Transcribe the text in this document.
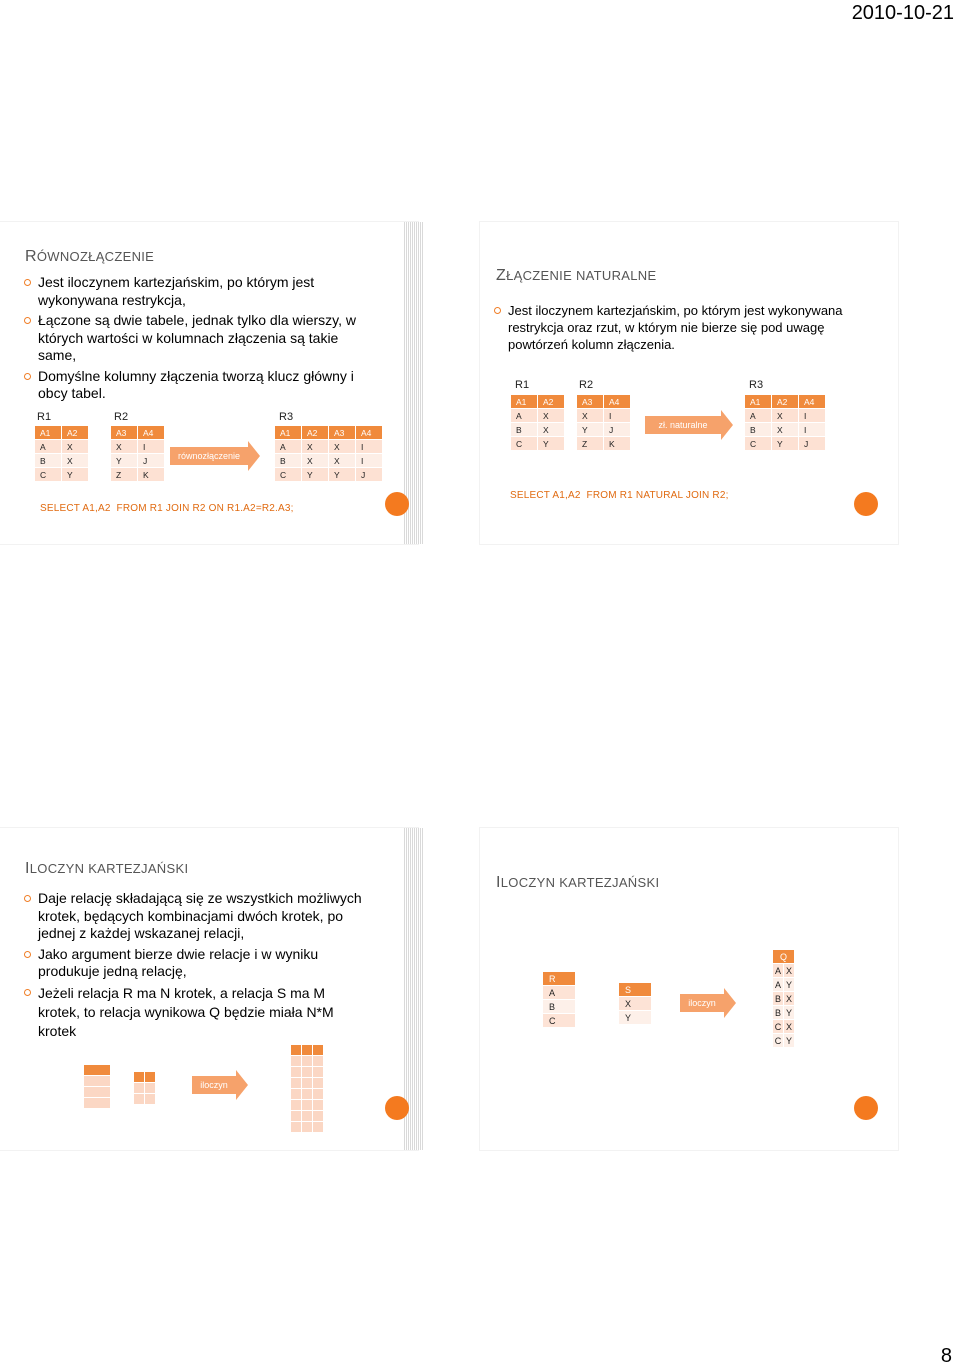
2010-10-21
RÓWNOZŁĄCZENIE
Jest iloczynem kartezjańskim, po którym jest wykonywana restrykcja,
Łączone są dwie tabele, jednak tylko dla wierszy, w których wartości w kolumnach złączenia są takie same,
Domyślne kolumny złączenia tworzą klucz główny i obcy tabel.
R1
A1	A2
A	X
B	X
C	Y
R2
A3	A4
X	I
Y	J
Z	K
równozłączenie
R3
A1	A2	A3	A4
A	X	X	I
B	X	X	I
C	Y	Y	J
SELECT A1,A2  FROM R1 JOIN R2 ON R1.A2=R2.A3;
ZŁĄCZENIE NATURALNE
Jest iloczynem kartezjańskim, po którym jest wykonywana restrykcja oraz rzut, w którym nie bierze się pod uwagę powtórzeń kolumn złączenia.
R1
A1	A2
A	X
B	X
C	Y
R2
A3	A4
X	I
Y	J
Z	K
zł. naturalne
R3
A1	A2	A4
A	X	I
B	X	I
C	Y	J
SELECT A1,A2  FROM R1 NATURAL JOIN R2;
ILOCZYN KARTEZJAŃSKI
Daje relację składającą się ze wszystkich możliwych krotek, będących kombinacjami dwóch krotek, po jednej z każdej wskazanej relacji,
Jako argument bierze dwie relacje i w wyniku produkuje jedną relację,
Jeżeli relacja R ma N krotek, a relacja S ma M krotek, to relacja wynikowa Q będzie miała N*M krotek

iloczyn

ILOCZYN KARTEZJAŃSKI
R
A
B
C
S
X
Y
iloczyn
Q	
A	X
A	Y
B	X
B	Y
C	X
C	Y
8
